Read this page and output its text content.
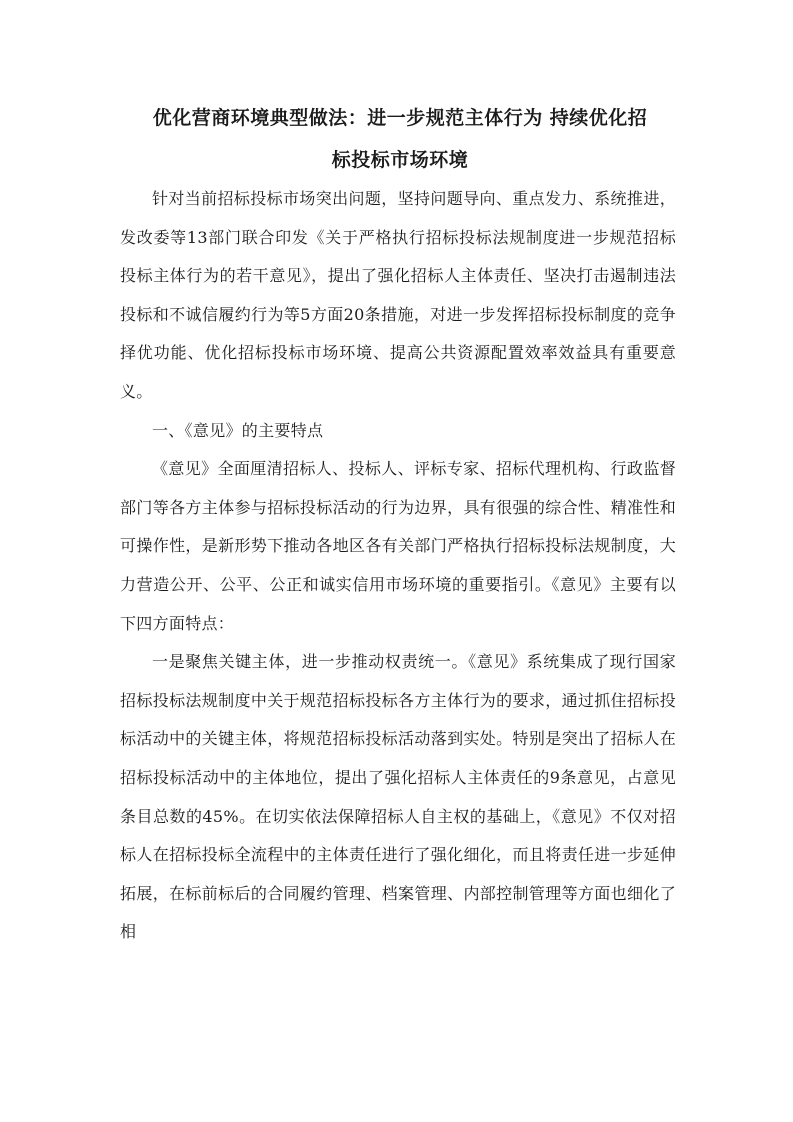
优化营商环境典型做法：进一步规范主体行为 持续优化招
标投标市场环境

针对当前招标投标市场突出问题，坚持问题导向、重点发力、系统推进，发改委等13部门联合印发《关于严格执行招标投标法规制度进一步规范招标投标主体行为的若干意见》，提出了强化招标人主体责任、坚决打击遏制违法投标和不诚信履约行为等5方面20条措施，对进一步发挥招标投标制度的竞争择优功能、优化招标投标市场环境、提高公共资源配置效率效益具有重要意义。

一、《意见》的主要特点

《意见》全面厘清招标人、投标人、评标专家、招标代理机构、行政监督部门等各方主体参与招标投标活动的行为边界，具有很强的综合性、精准性和可操作性，是新形势下推动各地区各有关部门严格执行招标投标法规制度，大力营造公开、公平、公正和诚实信用市场环境的重要指引。《意见》主要有以下四方面特点：

一是聚焦关键主体，进一步推动权责统一。《意见》系统集成了现行国家招标投标法规制度中关于规范招标投标各方主体行为的要求，通过抓住招标投标活动中的关键主体，将规范招标投标活动落到实处。特别是突出了招标人在招标投标活动中的主体地位，提出了强化招标人主体责任的9条意见，占意见条目总数的45%。在切实依法保障招标人自主权的基础上，《意见》不仅对招标人在招标投标全流程中的主体责任进行了强化细化，而且将责任进一步延伸拓展，在标前标后的合同履约管理、档案管理、内部控制管理等方面也细化了相
